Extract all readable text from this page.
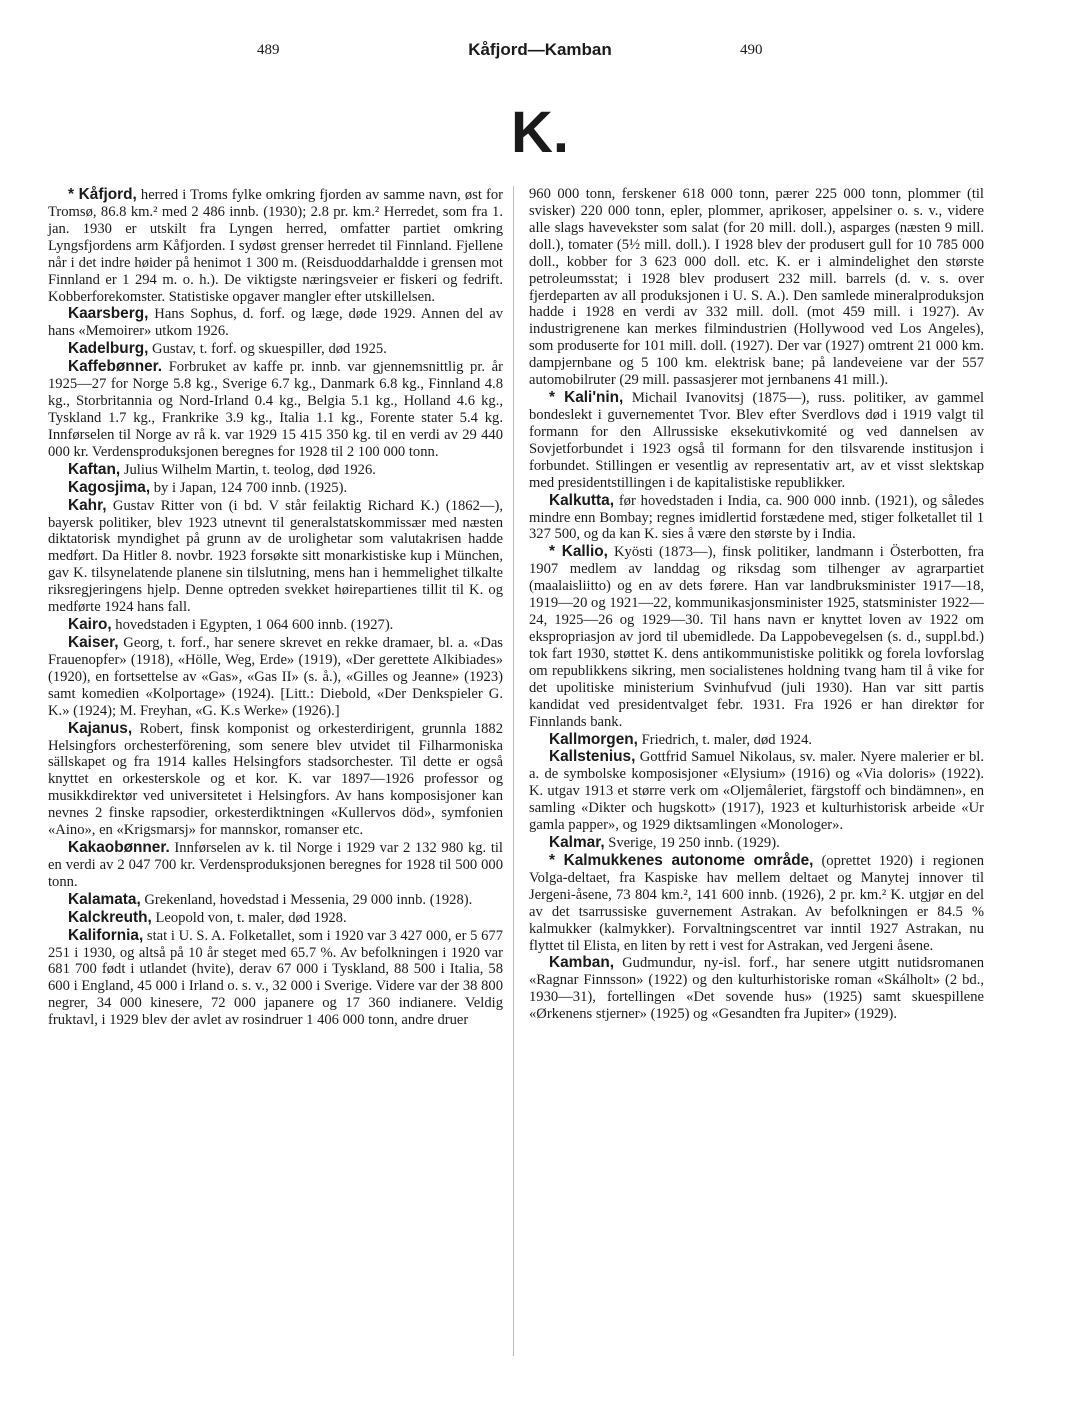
489	Kåfjord—Kamban	490
K.

* Kåfjord, herred i Troms fylke omkring fjorden av samme navn, øst for Tromsø, 86.8 km.² med 2 486 innb. (1930); 2.8 pr. km.² Herredet, som fra 1. jan. 1930 er utskilt fra Lyngen herred, omfatter partiet omkring Lyngsfjordens arm Kåfjorden. I sydøst grenser herredet til Finnland. Fjellene når i det indre høider på henimot 1 300 m. (Reisduoddarhaldde i grensen mot Finnland er 1 294 m. o. h.). De viktigste næringsveier er fiskeri og fedrift. Kobberforekomster. Statistiske opgaver mangler efter utskillelsen.

Kaarsberg, Hans Sophus, d. forf. og læge, døde 1929. Annen del av hans «Memoirer» utkom 1926.

Kadelburg, Gustav, t. forf. og skuespiller, død 1925.

Kaffebønner. Forbruket av kaffe pr. innb. var gjennemsnittlig pr. år 1925—27 for Norge 5.8 kg., Sverige 6.7 kg., Danmark 6.8 kg., Finnland 4.8 kg., Storbritannia og Nord-Irland 0.4 kg., Belgia 5.1 kg., Holland 4.6 kg., Tyskland 1.7 kg., Frankrike 3.9 kg., Italia 1.1 kg., Forente stater 5.4 kg. Innførselen til Norge av rå k. var 1929 15 415 350 kg. til en verdi av 29 440 000 kr. Verdensproduksjonen beregnes for 1928 til 2 100 000 tonn.

Kaftan, Julius Wilhelm Martin, t. teolog, død 1926.

Kagosjima, by i Japan, 124 700 innb. (1925).

Kahr, Gustav Ritter von (i bd. V står feilaktig Richard K.) (1862—), bayersk politiker, blev 1923 utnevnt til generalstatskommissær med næsten diktatorisk myndighet på grunn av de urolighetar som valutakrisen hadde medført. Da Hitler 8. novbr. 1923 forsøkte sitt monarkistiske kup i München, gav K. tilsynelatende planene sin tilslutning, mens han i hemmelighet tilkalte riksregjeringens hjelp. Denne optreden svekket høirepartienes tillit til K. og medførte 1924 hans fall.

Kairo, hovedstaden i Egypten, 1 064 600 innb. (1927).

Kaiser, Georg, t. forf., har senere skrevet en rekke dramaer, bl. a. «Das Frauenopfer» (1918), «Hölle, Weg, Erde» (1919), «Der gerettete Alkibiades» (1920), en fortsettelse av «Gas», «Gas II» (s. å.), «Gilles og Jeanne» (1923) samt komedien «Kolportage» (1924). [Litt.: Diebold, «Der Denkspieler G. K.» (1924); M. Freyhan, «G. K.s Werke» (1926).]

Kajanus, Robert, finsk komponist og orkesterdirigent, grunnla 1882 Helsingfors orchesterförening, som senere blev utvidet til Filharmoniska sällskapet og fra 1914 kalles Helsingfors stadsorchester. Til dette er også knyttet en orkesterskole og et kor. K. var 1897—1926 professor og musikkdirektør ved universitetet i Helsingfors. Av hans komposisjoner kan nevnes 2 finske rapsodier, orkesterdiktningen «Kullervos död», symfonien «Aino», en «Krigsmarsj» for mannskor, romanser etc.

Kakaobønner. Innførselen av k. til Norge i 1929 var 2 132 980 kg. til en verdi av 2 047 700 kr. Verdensproduksjonen beregnes for 1928 til 500 000 tonn.

Kalamata, Grekenland, hovedstad i Messenia, 29 000 innb. (1928).

Kalckreuth, Leopold von, t. maler, død 1928.

Kalifornia, stat i U. S. A. Folketallet, som i 1920 var 3 427 000, er 5 677 251 i 1930, og altså på 10 år steget med 65.7 %. Av befolkningen i 1920 var 681 700 født i utlandet (hvite), derav 67 000 i Tyskland, 88 500 i Italia, 58 600 i England, 45 000 i Irland o. s. v., 32 000 i Sverige. Videre var der 38 800 negrer, 34 000 kinesere, 72 000 japanere og 17 360 indianere. Veldig fruktavl, i 1929 blev der avlet av rosindruer 1 406 000 tonn, andre druer

960 000 tonn, ferskener 618 000 tonn, pærer 225 000 tonn, plommer (til svisker) 220 000 tonn, epler, plommer, aprikoser, appelsiner o. s. v., videre alle slags havevekster som salat (for 20 mill. doll.), asparges (næsten 9 mill. doll.), tomater (5½ mill. doll.). I 1928 blev der produsert gull for 10 785 000 doll., kobber for 3 623 000 doll. etc. K. er i almindelighet den største petroleumsstat; i 1928 blev produsert 232 mill. barrels (d. v. s. over fjerdeparten av all produksjonen i U. S. A.). Den samlede mineralproduksjon hadde i 1928 en verdi av 332 mill. doll. (mot 459 mill. i 1927). Av industrigrenene kan merkes filmindustrien (Hollywood ved Los Angeles), som produserte for 101 mill. doll. (1927). Der var (1927) omtrent 21 000 km. dampjernbane og 5 100 km. elektrisk bane; på landeveiene var der 557 automobilruter (29 mill. passasjerer mot jernbanens 41 mill.).

* Kali'nin, Michail Ivanovitsj (1875—), russ. politiker, av gammel bondeslekt i guvernementet Tvor. Blev efter Sverdlovs død i 1919 valgt til formann for den Allrussiske eksekutivkomité og ved dannelsen av Sovjetforbundet i 1923 også til formann for den tilsvarende institusjon i forbundet. Stillingen er vesentlig av representativ art, av et visst slektskap med presidentstillingen i de kapitalistiske republikker.

Kalkutta, før hovedstaden i India, ca. 900 000 innb. (1921), og således mindre enn Bombay; regnes imidlertid forstædene med, stiger folketallet til 1 327 500, og da kan K. sies å være den største by i India.

* Kallio, Kyösti (1873—), finsk politiker, landmann i Österbotten, fra 1907 medlem av landdag og riksdag som tilhenger av agrarpartiet (maalaisliitto) og en av dets førere. Han var landbruksminister 1917—18, 1919—20 og 1921—22, kommunikasjonsminister 1925, statsminister 1922—24, 1925—26 og 1929—30. Til hans navn er knyttet loven av 1922 om ekspropriasjon av jord til ubemidlede. Da Lappobevegelsen (s. d., suppl.bd.) tok fart 1930, støttet K. dens antikommunistiske politikk og forela lovforslag om republikkens sikring, men socialistenes holdning tvang ham til å vike for det upolitiske ministerium Svinhufvud (juli 1930). Han var sitt partis kandidat ved presidentvalget febr. 1931. Fra 1926 er han direktør for Finnlands bank.

Kallmorgen, Friedrich, t. maler, død 1924.

Kallstenius, Gottfrid Samuel Nikolaus, sv. maler. Nyere malerier er bl. a. de symbolske komposisjoner «Elysium» (1916) og «Via doloris» (1922). K. utgav 1913 et større verk om «Oljemåleriet, färgstoff och bindämnen», en samling «Dikter och hugskott» (1917), 1923 et kulturhistorisk arbeide «Ur gamla papper», og 1929 diktsamlingen «Monologer».

Kalmar, Sverige, 19 250 innb. (1929).

* Kalmukkenes autonome område, (oprettet 1920) i regionen Volga-deltaet, fra Kaspiske hav mellem deltaet og Manytej innover til Jergeni-åsene, 73 804 km.², 141 600 innb. (1926), 2 pr. km.² K. utgjør en del av det tsarrussiske guvernement Astrakan. Av befolkningen er 84.5 % kalmukker (kalmykker). Forvaltningscentret var inntil 1927 Astrakan, nu flyttet til Elista, en liten by rett i vest for Astrakan, ved Jergeni åsene.

Kamban, Gudmundur, ny-isl. forf., har senere utgitt nutidsromanen «Ragnar Finnsson» (1922) og den kulturhistoriske roman «Skálholt» (2 bd., 1930—31), fortellingen «Det sovende hus» (1925) samt skuespillene «Ørkenens stjerner» (1925) og «Gesandten fra Jupiter» (1929).
